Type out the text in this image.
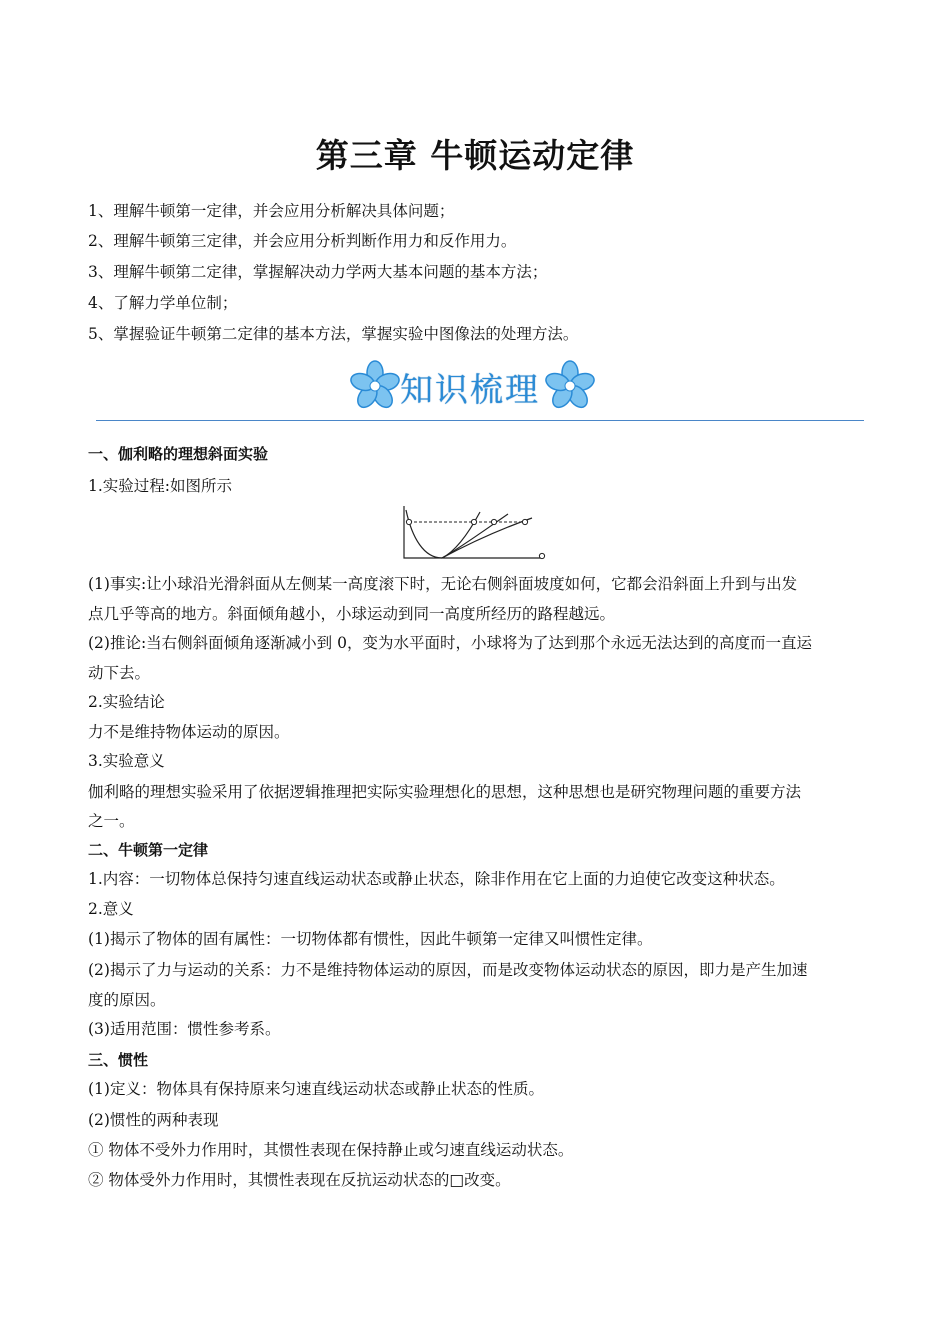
第三章 牛顿运动定律
1、理解牛顿第一定律，并会应用分析解决具体问题；
2、理解牛顿第三定律，并会应用分析判断作用力和反作用力。
3、理解牛顿第二定律，掌握解决动力学两大基本问题的基本方法；
4、了解力学单位制；
5、掌握验证牛顿第二定律的基本方法，掌握实验中图像法的处理方法。
知识梳理
一、伽利略的理想斜面实验
1.实验过程:如图所示
(1)事实:让小球沿光滑斜面从左侧某一高度滚下时，无论右侧斜面坡度如何，它都会沿斜面上升到与出发
点几乎等高的地方。斜面倾角越小，小球运动到同一高度所经历的路程越远。
(2)推论:当右侧斜面倾角逐渐减小到 0，变为水平面时，小球将为了达到那个永远无法达到的高度而一直运
动下去。
2.实验结论
力不是维持物体运动的原因。
3.实验意义
伽利略的理想实验采用了依据逻辑推理把实际实验理想化的思想，这种思想也是研究物理问题的重要方法
之一。
二、牛顿第一定律
1.内容：一切物体总保持匀速直线运动状态或静止状态，除非作用在它上面的力迫使它改变这种状态。
2.意义
(1)揭示了物体的固有属性：一切物体都有惯性，因此牛顿第一定律又叫惯性定律。
(2)揭示了力与运动的关系：力不是维持物体运动的原因，而是改变物体运动状态的原因，即力是产生加速
度的原因。
(3)适用范围：惯性参考系。
三、惯性
(1)定义：物体具有保持原来匀速直线运动状态或静止状态的性质。
(2)惯性的两种表现
① 物体不受外力作用时，其惯性表现在保持静止或匀速直线运动状态。
② 物体受外力作用时，其惯性表现在反抗运动状态的□改变。
